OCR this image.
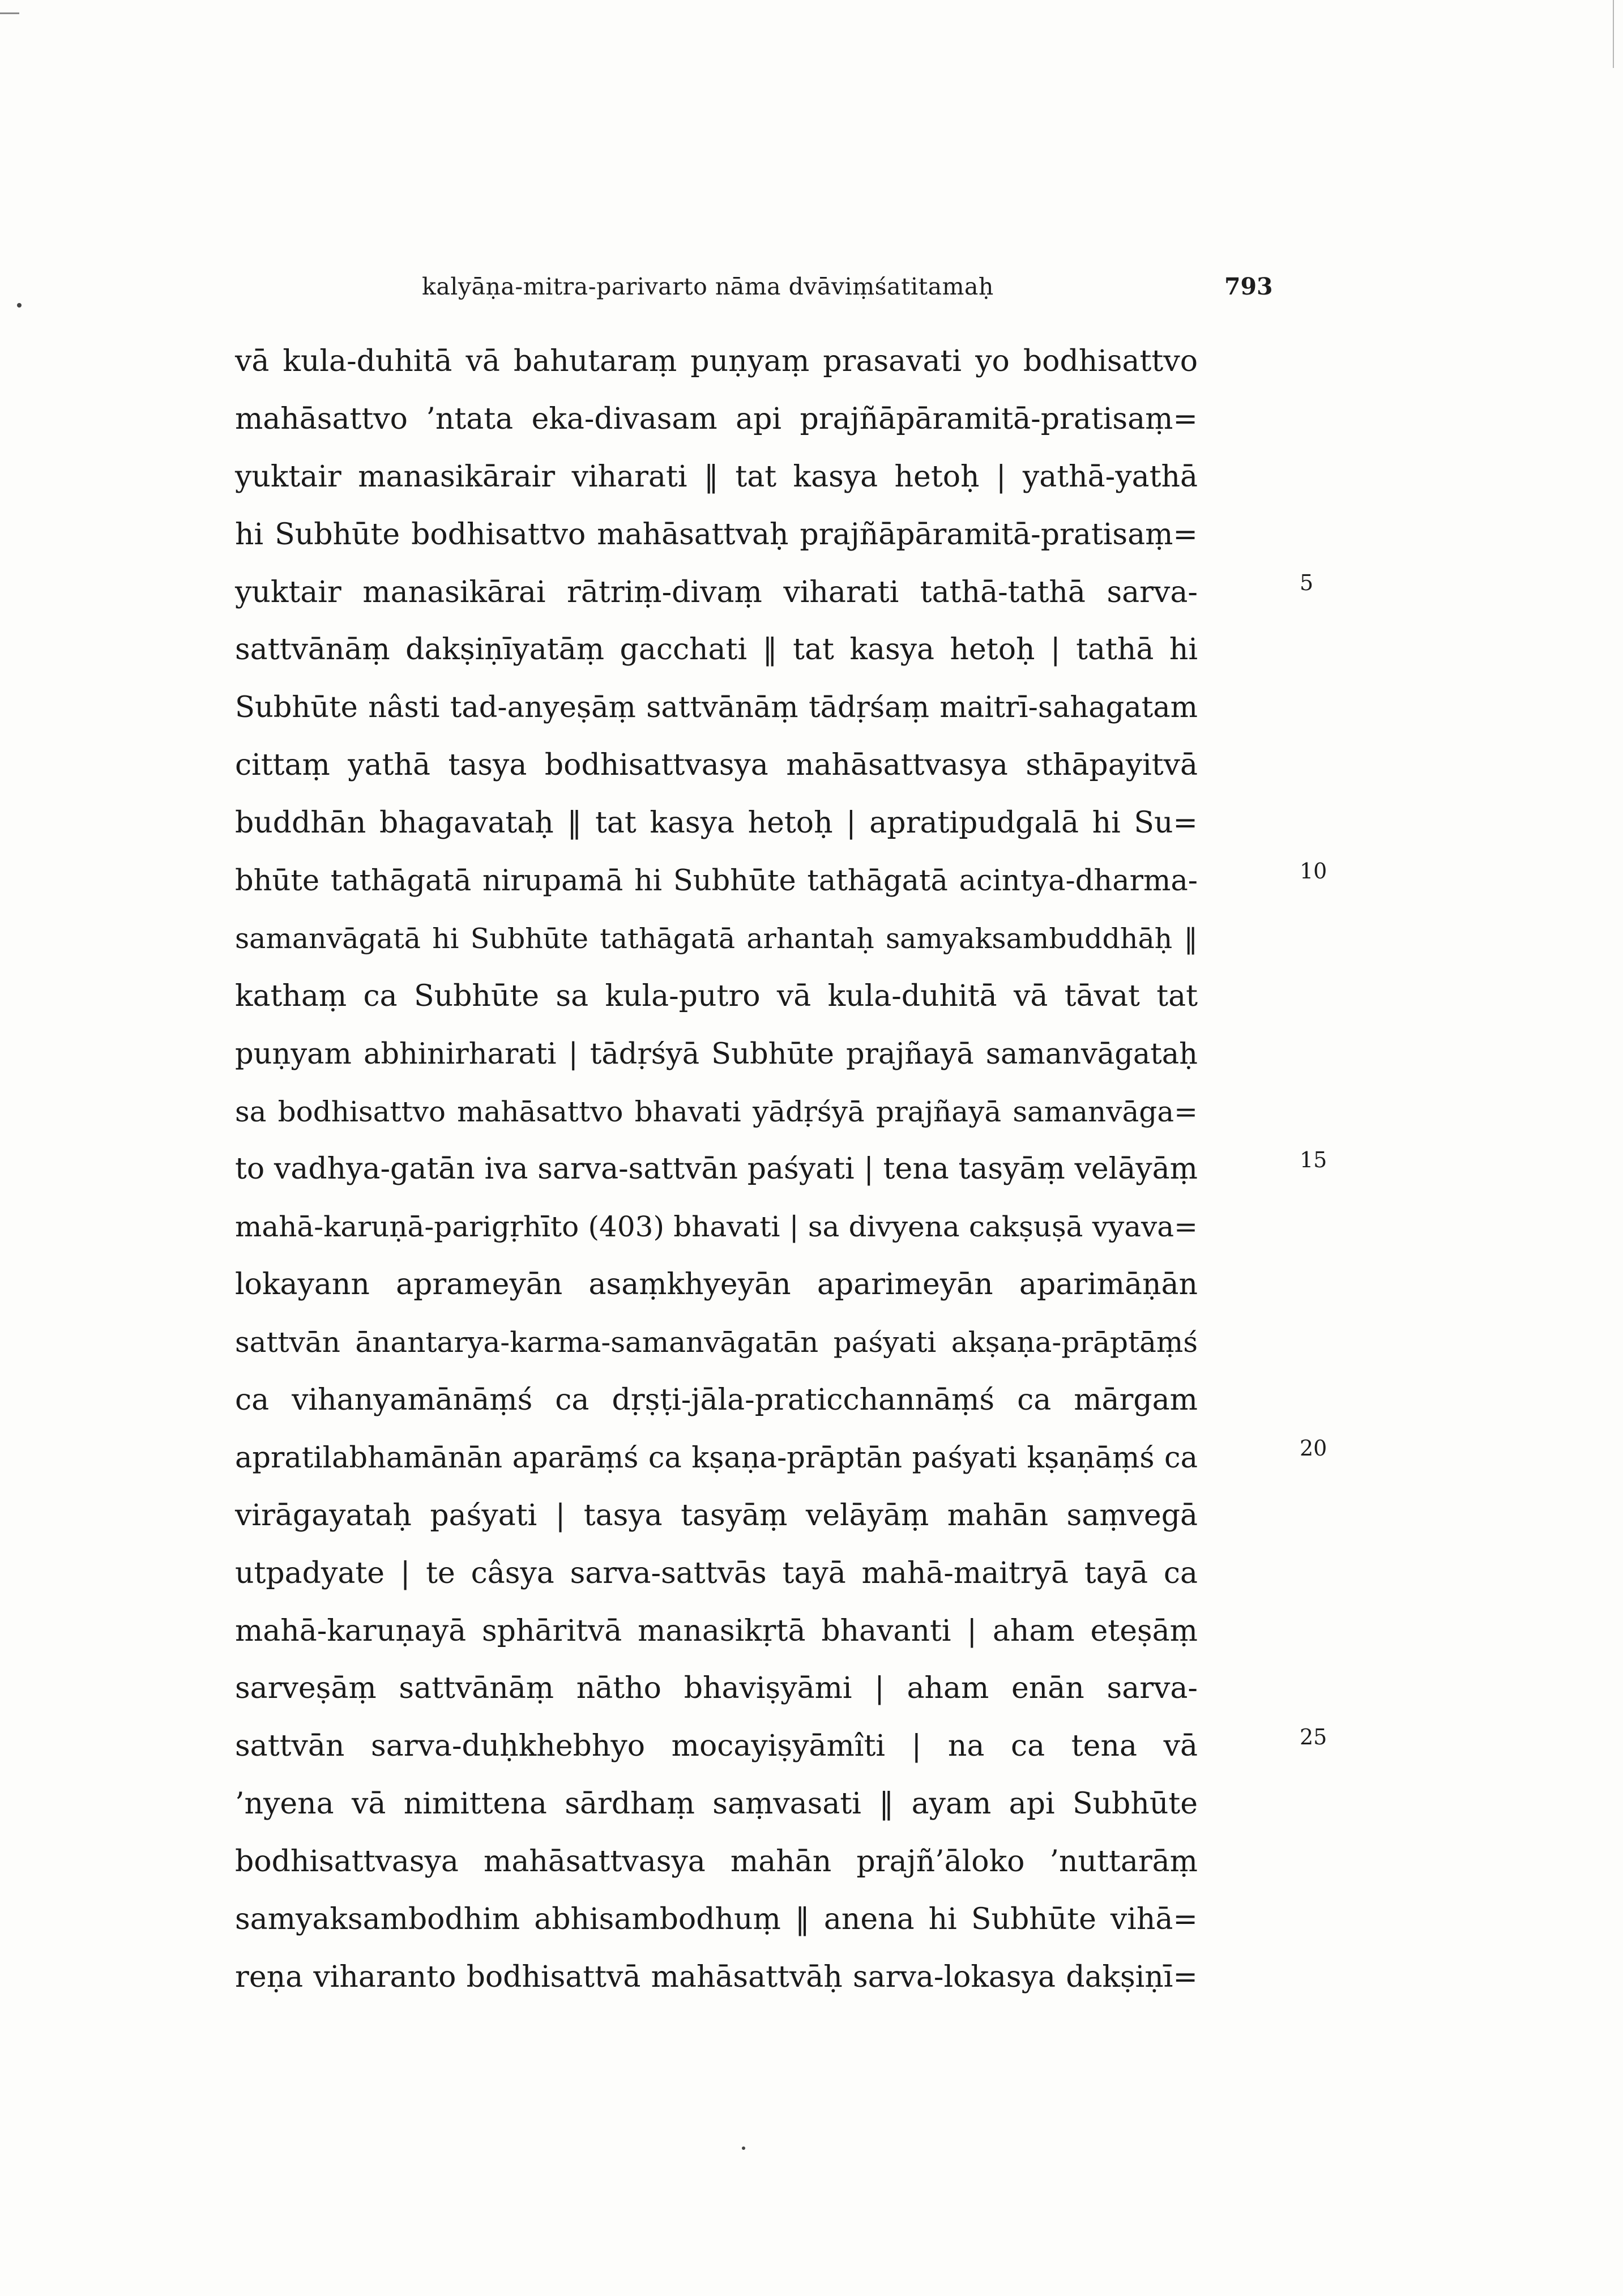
kalyāṇa-mitra-parivarto nāma dvāviṃśatitamaḥ	793
vā kula-duhitā vā bahutaraṃ puṇyaṃ prasavati yo bodhisattvo
mahāsattvo ’ntata eka-divasam api prajñāpāramitā-pratisaṃ=
yuktair manasikārair viharati ‖ tat kasya hetoḥ | yathā-yathā
hi Subhūte bodhisattvo mahāsattvaḥ prajñāpāramitā-pratisaṃ=
yuktair manasikārai rātriṃ-divaṃ viharati tathā-tathā sarva-
sattvānāṃ dakṣiṇīyatāṃ gacchati ‖ tat kasya hetoḥ | tathā hi
Subhūte nâsti tad-anyeṣāṃ sattvānāṃ tādṛśaṃ maitrī-sahagatam
cittaṃ yathā tasya bodhisattvasya mahāsattvasya sthāpayitvā
buddhān bhagavataḥ ‖ tat kasya hetoḥ | apratipudgalā hi Su=
bhūte tathāgatā nirupamā hi Subhūte tathāgatā acintya-dharma-
samanvāgatā hi Subhūte tathāgatā arhantaḥ samyaksambuddhāḥ ‖
kathaṃ ca Subhūte sa kula-putro vā kula-duhitā vā tāvat tat
puṇyam abhinirharati | tādṛśyā Subhūte prajñayā samanvāgataḥ
sa bodhisattvo mahāsattvo bhavati yādṛśyā prajñayā samanvāga=
to vadhya-gatān iva sarva-sattvān paśyati | tena tasyāṃ velāyāṃ
mahā-karuṇā-parigṛhīto (403) bhavati | sa divyena cakṣuṣā vyava=
lokayann aprameyān asaṃkhyeyān aparimeyān aparimāṇān
sattvān ānantarya-karma-samanvāgatān paśyati akṣaṇa-prāptāṃś
ca vihanyamānāṃś ca dṛṣṭi-jāla-praticchannāṃś ca mārgam
apratilabhamānān aparāṃś ca kṣaṇa-prāptān paśyati kṣaṇāṃś ca
virāgayataḥ paśyati | tasya tasyāṃ velāyāṃ mahān saṃvegā
utpadyate | te câsya sarva-sattvās tayā mahā-maitryā tayā ca
mahā-karuṇayā sphāritvā manasikṛtā bhavanti | aham eteṣāṃ
sarveṣāṃ sattvānāṃ nātho bhaviṣyāmi | aham enān sarva-
sattvān sarva-duḥkhebhyo mocayiṣyāmîti | na ca tena vā
’nyena vā nimittena sārdhaṃ saṃvasati ‖ ayam api Subhūte
bodhisattvasya mahāsattvasya mahān prajñ’āloko ’nuttarāṃ
samyaksambodhim abhisambodhuṃ ‖ anena hi Subhūte vihā=
reṇa viharanto bodhisattvā mahāsattvāḥ sarva-lokasya dakṣiṇī=
5
10
15
20
25
